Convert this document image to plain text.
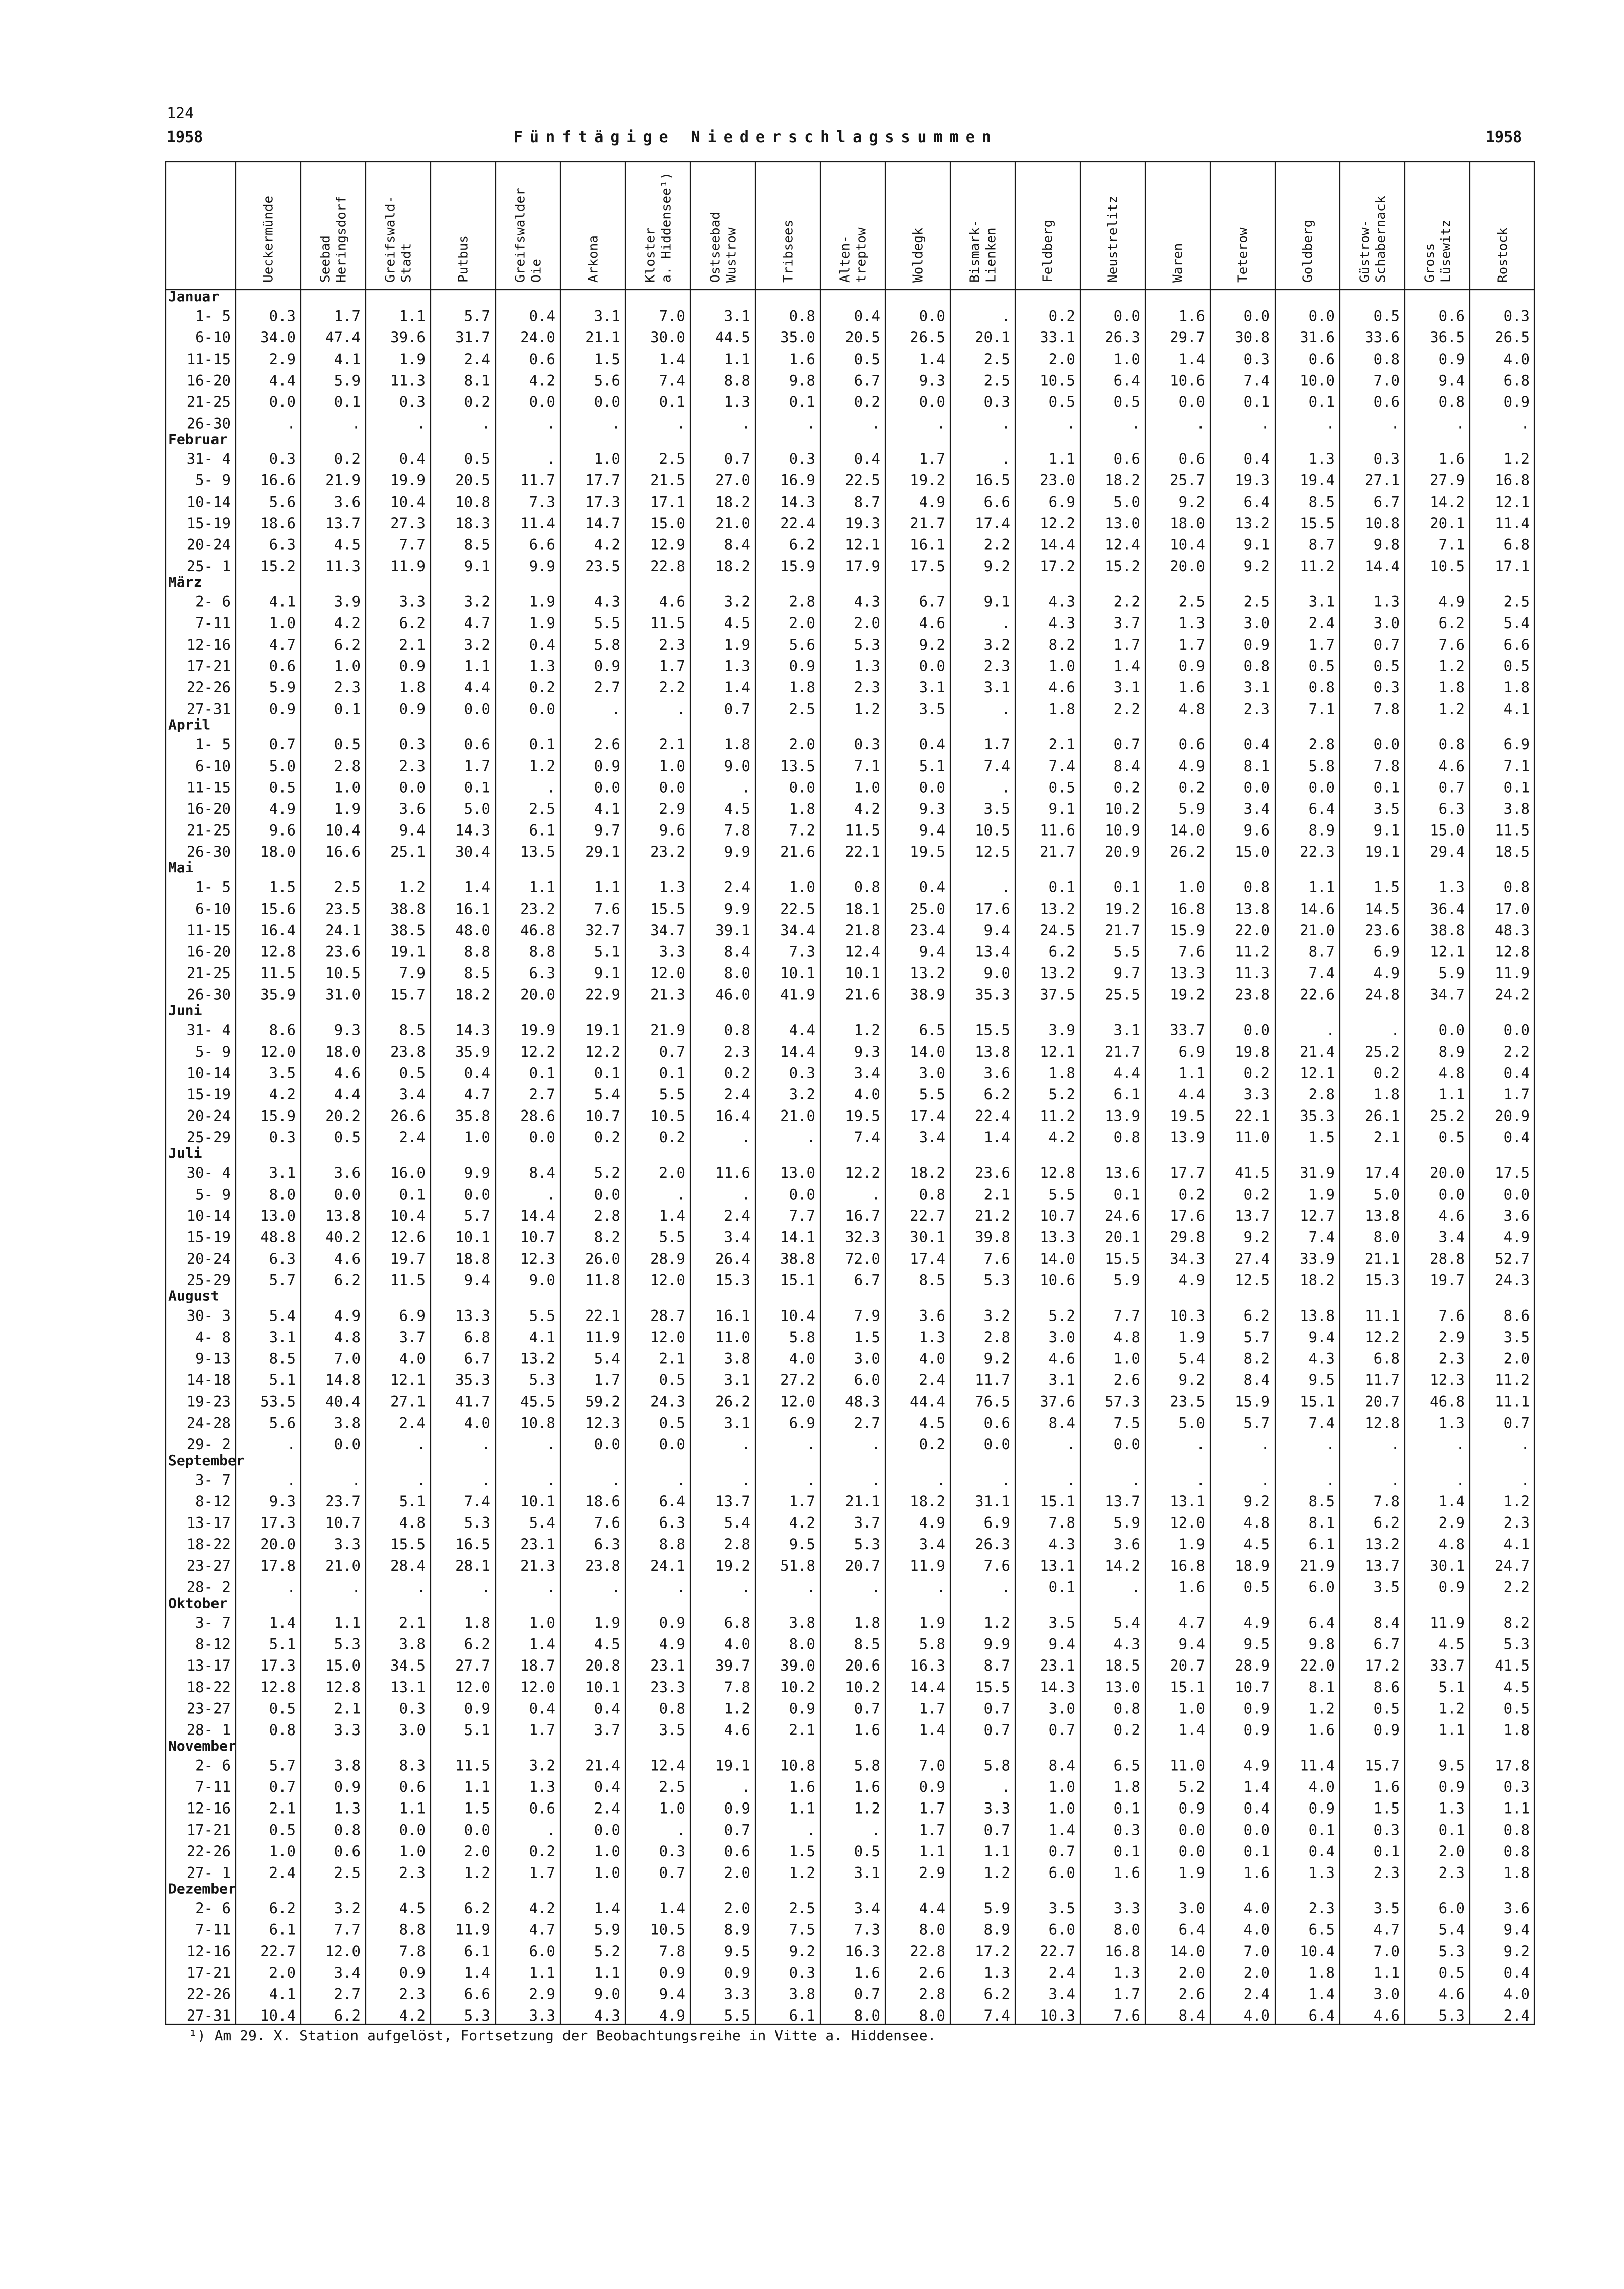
124
1958	Fünftägige Niederschlagssummen	1958
Ueckermünde	Seebad Heringsdorf	Greifswald- Stadt	Putbus	Greifswalder Oie	Arkona	Kloster a. Hiddensee¹)	Ostseebad Wustrow	Tribsees	Alten- treptow	Woldegk	Bismark- Lienken	Feldberg	Neustrelitz	Waren	Teterow	Goldberg	Güstrow- Schabernack	Gross Lüsewitz	Rostock
Januar
1- 5	0.3	1.7	1.1	5.7	0.4	3.1	7.0	3.1	0.8	0.4	0.0	.	0.2	0.0	1.6	0.0	0.0	0.5	0.6	0.3
6-10 34.0 47.4 39.6 31.7 24.0 21.1 30.0 44.5 35.0 20.5 26.5 20.1 33.1 26.3 29.7 30.8 31.6 33.6 36.5 26.5
11-15	2.9	4.1	1.9	2.4	0.6	1.5	1.4	1.1	1.6	0.5	1.4	2.5	2.0	1.0	1.4	0.3	0.6	0.8	0.9	4.0
16-20	4.4	5.9 11.3	8.1	4.2	5.6	7.4	8.8	9.8	6.7	9.3	2.5 10.5	6.4 10.6	7.4 10.0	7.0	9.4	6.8
21-25	0.0	0.1	0.3	0.2	0.0	0.0	0.1	1.3	0.1	0.2	0.0	0.3	0.5	0.5	0.0	0.1	0.1	0.6	0.8	0.9
26-30	.	.	.	.	.	.	.	.	.	.	.	.	.	.	.	.	.	.	.	.
Februar
31- 4	0.3	0.2	0.4	0.5	.	1.0	2.5	0.7	0.3	0.4	1.7	.	1.1	0.6	0.6	0.4	1.3	0.3	1.6	1.2
5- 9 16.6 21.9 19.9 20.5 11.7 17.7 21.5 27.0 16.9 22.5 19.2 16.5 23.0 18.2 25.7 19.3 19.4 27.1 27.9 16.8
10-14	5.6	3.6 10.4 10.8	7.3 17.3 17.1 18.2 14.3	8.7	4.9	6.6	6.9	5.0	9.2	6.4	8.5	6.7 14.2 12.1
15-19 18.6 13.7 27.3 18.3 11.4 14.7 15.0 21.0 22.4 19.3 21.7 17.4 12.2 13.0 18.0 13.2 15.5 10.8 20.1 11.4
20-24	6.3	4.5	7.7	8.5	6.6	4.2 12.9	8.4	6.2 12.1 16.1	2.2 14.4 12.4 10.4	9.1	8.7	9.8	7.1	6.8
25- 1 15.2 11.3 11.9	9.1	9.9 23.5 22.8 18.2 15.9 17.9 17.5	9.2 17.2 15.2 20.0	9.2 11.2 14.4 10.5 17.1
März
2- 6	4.1	3.9	3.3	3.2	1.9	4.3	4.6	3.2	2.8	4.3	6.7	9.1	4.3	2.2	2.5	2.5	3.1	1.3	4.9	2.5
7-11	1.0	4.2	6.2	4.7	1.9	5.5 11.5	4.5	2.0	2.0	4.6	.	4.3	3.7	1.3	3.0	2.4	3.0	6.2	5.4
12-16	4.7	6.2	2.1	3.2	0.4	5.8	2.3	1.9	5.6	5.3	9.2	3.2	8.2	1.7	1.7	0.9	1.7	0.7	7.6	6.6
17-21	0.6	1.0	0.9	1.1	1.3	0.9	1.7	1.3	0.9	1.3	0.0	2.3	1.0	1.4	0.9	0.8	0.5	0.5	1.2	0.5
22-26	5.9	2.3	1.8	4.4	0.2	2.7	2.2	1.4	1.8	2.3	3.1	3.1	4.6	3.1	1.6	3.1	0.8	0.3	1.8	1.8
27-31	0.9	0.1	0.9	0.0	0.0	.	.	0.7	2.5	1.2	3.5	.	1.8	2.2	4.8	2.3	7.1	7.8	1.2	4.1
April
1- 5	0.7	0.5	0.3	0.6	0.1	2.6	2.1	1.8	2.0	0.3	0.4	1.7	2.1	0.7	0.6	0.4	2.8	0.0	0.8	6.9
6-10	5.0	2.8	2.3	1.7	1.2	0.9	1.0	9.0 13.5	7.1	5.1	7.4	7.4	8.4	4.9	8.1	5.8	7.8	4.6	7.1
11-15	0.5	1.0	0.0	0.1	.	0.0	0.0	.	0.0	1.0	0.0	.	0.5	0.2	0.2	0.0	0.0	0.1	0.7	0.1
16-20	4.9	1.9	3.6	5.0	2.5	4.1	2.9	4.5	1.8	4.2	9.3	3.5	9.1 10.2	5.9	3.4	6.4	3.5	6.3	3.8
21-25	9.6 10.4	9.4 14.3	6.1	9.7	9.6	7.8	7.2 11.5	9.4 10.5 11.6 10.9 14.0	9.6	8.9	9.1 15.0 11.5
26-30 18.0 16.6 25.1 30.4 13.5 29.1 23.2	9.9 21.6 22.1 19.5 12.5 21.7 20.9 26.2 15.0 22.3 19.1 29.4 18.5
Mai
1- 5	1.5	2.5	1.2	1.4	1.1	1.1	1.3	2.4	1.0	0.8	0.4	.	0.1	0.1	1.0	0.8	1.1	1.5	1.3	0.8
6-10 15.6 23.5 38.8 16.1 23.2	7.6 15.5	9.9 22.5 18.1 25.0 17.6 13.2 19.2 16.8 13.8 14.6 14.5 36.4 17.0
11-15 16.4 24.1 38.5 48.0 46.8 32.7 34.7 39.1 34.4 21.8 23.4	9.4 24.5 21.7 15.9 22.0 21.0 23.6 38.8 48.3
16-20 12.8 23.6 19.1	8.8	8.8	5.1	3.3	8.4	7.3 12.4	9.4 13.4	6.2	5.5	7.6 11.2	8.7	6.9 12.1 12.8
21-25 11.5 10.5	7.9	8.5	6.3	9.1 12.0	8.0 10.1 10.1 13.2	9.0 13.2	9.7 13.3 11.3	7.4	4.9	5.9 11.9
26-30 35.9 31.0 15.7 18.2 20.0 22.9 21.3 46.0 41.9 21.6 38.9 35.3 37.5 25.5 19.2 23.8 22.6 24.8 34.7 24.2
Juni
31- 4	8.6	9.3	8.5 14.3 19.9 19.1 21.9	0.8	4.4	1.2	6.5 15.5	3.9	3.1 33.7	0.0	.	.	0.0	0.0
5- 9 12.0 18.0 23.8 35.9 12.2 12.2	0.7	2.3 14.4	9.3 14.0 13.8 12.1 21.7	6.9 19.8 21.4 25.2	8.9	2.2
10-14	3.5	4.6	0.5	0.4	0.1	0.1	0.1	0.2	0.3	3.4	3.0	3.6	1.8	4.4	1.1	0.2 12.1	0.2	4.8	0.4
15-19	4.2	4.4	3.4	4.7	2.7	5.4	5.5	2.4	3.2	4.0	5.5	6.2	5.2	6.1	4.4	3.3	2.8	1.8	1.1	1.7
20-24 15.9 20.2 26.6 35.8 28.6 10.7 10.5 16.4 21.0 19.5 17.4 22.4 11.2 13.9 19.5 22.1 35.3 26.1 25.2 20.9
25-29	0.3	0.5	2.4	1.0	0.0	0.2	0.2	.	.	7.4	3.4	1.4	4.2	0.8 13.9 11.0	1.5	2.1	0.5	0.4
Juli
30- 4	3.1	3.6 16.0	9.9	8.4	5.2	2.0 11.6 13.0 12.2 18.2 23.6 12.8 13.6 17.7 41.5 31.9 17.4 20.0 17.5
5- 9	8.0	0.0	0.1	0.0	.	0.0	.	.	0.0	.	0.8	2.1	5.5	0.1	0.2	0.2	1.9	5.0	0.0	0.0
10-14 13.0 13.8 10.4	5.7 14.4	2.8	1.4	2.4	7.7 16.7 22.7 21.2 10.7 24.6 17.6 13.7 12.7 13.8	4.6	3.6
15-19 48.8 40.2 12.6 10.1 10.7	8.2	5.5	3.4 14.1 32.3 30.1 39.8 13.3 20.1 29.8	9.2	7.4	8.0	3.4	4.9
20-24	6.3	4.6 19.7 18.8 12.3 26.0 28.9 26.4 38.8 72.0 17.4	7.6 14.0 15.5 34.3 27.4 33.9 21.1 28.8 52.7
25-29	5.7	6.2 11.5	9.4	9.0 11.8 12.0 15.3 15.1	6.7	8.5	5.3 10.6	5.9	4.9 12.5 18.2 15.3 19.7 24.3
August
30- 3	5.4	4.9	6.9 13.3	5.5 22.1 28.7 16.1 10.4	7.9	3.6	3.2	5.2	7.7 10.3	6.2 13.8 11.1	7.6	8.6
4- 8	3.1	4.8	3.7	6.8	4.1 11.9 12.0 11.0	5.8	1.5	1.3	2.8	3.0	4.8	1.9	5.7	9.4 12.2	2.9	3.5
9-13	8.5	7.0	4.0	6.7 13.2	5.4	2.1	3.8	4.0	3.0	4.0	9.2	4.6	1.0	5.4	8.2	4.3	6.8	2.3	2.0
14-18	5.1 14.8 12.1 35.3	5.3	1.7	0.5	3.1 27.2	6.0	2.4 11.7	3.1	2.6	9.2	8.4	9.5 11.7 12.3 11.2
19-23 53.5 40.4 27.1 41.7 45.5 59.2 24.3 26.2 12.0 48.3 44.4 76.5 37.6 57.3 23.5 15.9 15.1 20.7 46.8 11.1
24-28	5.6	3.8	2.4	4.0 10.8 12.3	0.5	3.1	6.9	2.7	4.5	0.6	8.4	7.5	5.0	5.7	7.4 12.8	1.3	0.7
29- 2	.	0.0	.	.	.	0.0	0.0	.	.	.	0.2	0.0	.	0.0	.	.	.	.	.	.
September
3- 7	.	.	.	.	.	.	.	.	.	.	.	.	.	.	.	.	.	.	.	.
8-12	9.3 23.7	5.1	7.4 10.1 18.6	6.4 13.7	1.7 21.1 18.2 31.1 15.1 13.7 13.1	9.2	8.5	7.8	1.4	1.2
13-17 17.3 10.7	4.8	5.3	5.4	7.6	6.3	5.4	4.2	3.7	4.9	6.9	7.8	5.9 12.0	4.8	8.1	6.2	2.9	2.3
18-22 20.0	3.3 15.5 16.5 23.1	6.3	8.8	2.8	9.5	5.3	3.4 26.3	4.3	3.6	1.9	4.5	6.1 13.2	4.8	4.1
23-27 17.8 21.0 28.4 28.1 21.3 23.8 24.1 19.2 51.8 20.7 11.9	7.6 13.1 14.2 16.8 18.9 21.9 13.7 30.1 24.7
28- 2	.	.	.	.	.	.	.	.	.	.	.	.	0.1	.	1.6	0.5	6.0	3.5	0.9	2.2
Oktober
3- 7	1.4	1.1	2.1	1.8	1.0	1.9	0.9	6.8	3.8	1.8	1.9	1.2	3.5	5.4	4.7	4.9	6.4	8.4 11.9	8.2
8-12	5.1	5.3	3.8	6.2	1.4	4.5	4.9	4.0	8.0	8.5	5.8	9.9	9.4	4.3	9.4	9.5	9.8	6.7	4.5	5.3
13-17 17.3 15.0 34.5 27.7 18.7 20.8 23.1 39.7 39.0 20.6 16.3	8.7 23.1 18.5 20.7 28.9 22.0 17.2 33.7 41.5
18-22 12.8 12.8 13.1 12.0 12.0 10.1 23.3	7.8 10.2 10.2 14.4 15.5 14.3 13.0 15.1 10.7	8.1	8.6	5.1	4.5
23-27	0.5	2.1	0.3	0.9	0.4	0.4	0.8	1.2	0.9	0.7	1.7	0.7	3.0	0.8	1.0	0.9	1.2	0.5	1.2	0.5
28- 1	0.8	3.3	3.0	5.1	1.7	3.7	3.5	4.6	2.1	1.6	1.4	0.7	0.7	0.2	1.4	0.9	1.6	0.9	1.1	1.8
November
2- 6	5.7	3.8	8.3 11.5	3.2 21.4 12.4 19.1 10.8	5.8	7.0	5.8	8.4	6.5 11.0	4.9 11.4 15.7	9.5 17.8
7-11	0.7	0.9	0.6	1.1	1.3	0.4	2.5	.	1.6	1.6	0.9	.	1.0	1.8	5.2	1.4	4.0	1.6	0.9	0.3
12-16	2.1	1.3	1.1	1.5	0.6	2.4	1.0	0.9	1.1	1.2	1.7	3.3	1.0	0.1	0.9	0.4	0.9	1.5	1.3	1.1
17-21	0.5	0.8	0.0	0.0	.	0.0	.	0.7	.	.	1.7	0.7	1.4	0.3	0.0	0.0	0.1	0.3	0.1	0.8
22-26	1.0	0.6	1.0	2.0	0.2	1.0	0.3	0.6	1.5	0.5	1.1	1.1	0.7	0.1	0.0	0.1	0.4	0.1	2.0	0.8
27- 1	2.4	2.5	2.3	1.2	1.7	1.0	0.7	2.0	1.2	3.1	2.9	1.2	6.0	1.6	1.9	1.6	1.3	2.3	2.3	1.8
Dezember
2- 6	6.2	3.2	4.5	6.2	4.2	1.4	1.4	2.0	2.5	3.4	4.4	5.9	3.5	3.3	3.0	4.0	2.3	3.5	6.0	3.6
7-11	6.1	7.7	8.8 11.9	4.7	5.9 10.5	8.9	7.5	7.3	8.0	8.9	6.0	8.0	6.4	4.0	6.5	4.7	5.4	9.4
12-16 22.7 12.0	7.8	6.1	6.0	5.2	7.8	9.5	9.2 16.3 22.8 17.2 22.7 16.8 14.0	7.0 10.4	7.0	5.3	9.2
17-21	2.0	3.4	0.9	1.4	1.1	1.1	0.9	0.9	0.3	1.6	2.6	1.3	2.4	1.3	2.0	2.0	1.8	1.1	0.5	0.4
22-26	4.1	2.7	2.3	6.6	2.9	9.0	9.4	3.3	3.8	0.7	2.8	6.2	3.4	1.7	2.6	2.4	1.4	3.0	4.6	4.0
27-31 10.4	6.2	4.2	5.3	3.3	4.3	4.9	5.5	6.1	8.0	8.0	7.4 10.3	7.6	8.4	4.0	6.4	4.6	5.3	2.4
¹) Am 29. X. Station aufgelöst, Fortsetzung der Beobachtungsreihe in Vitte a. Hiddensee.
